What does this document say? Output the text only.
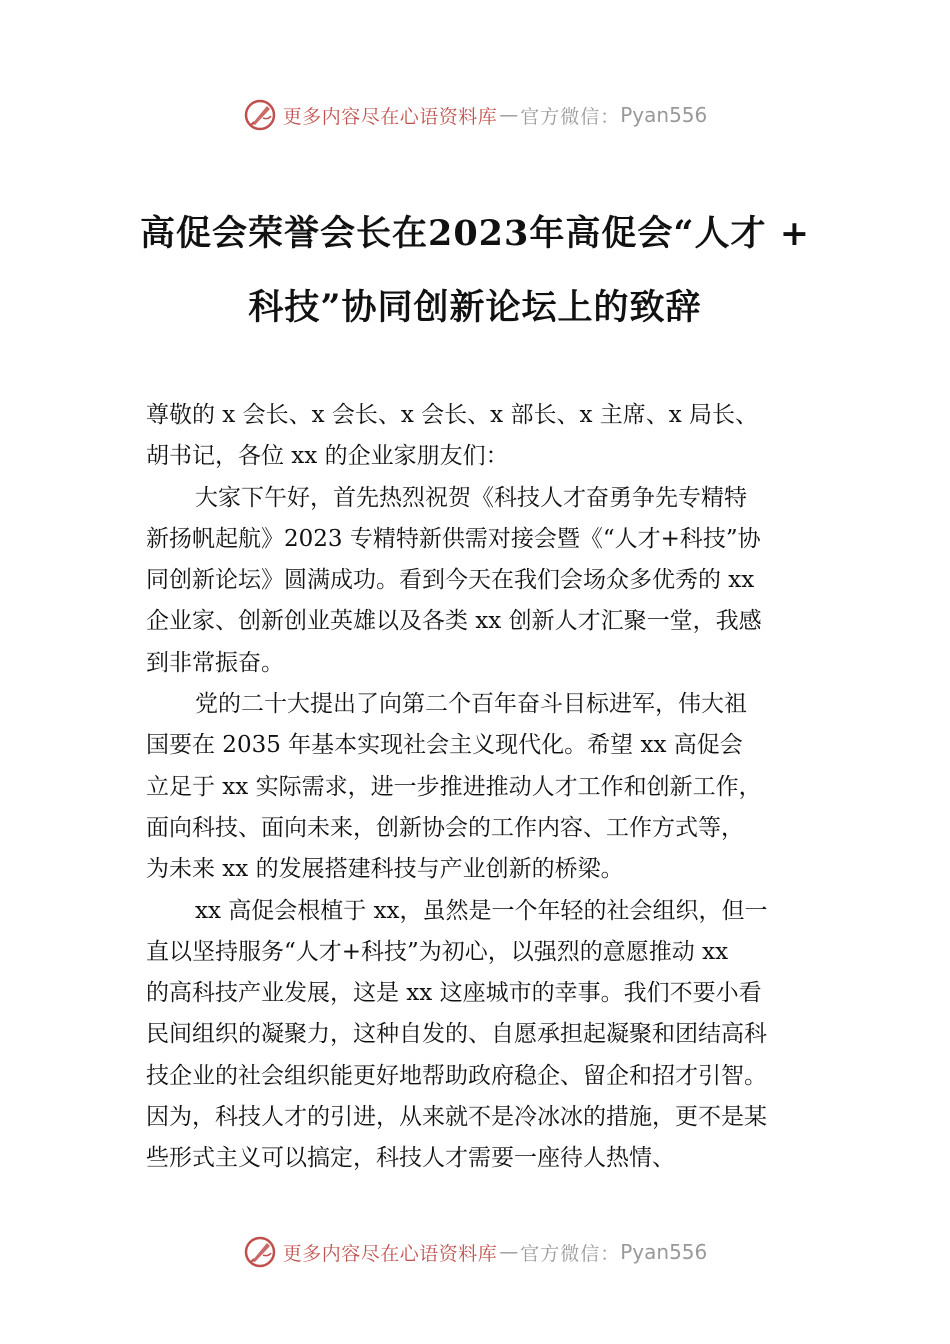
更多内容尽在心语资料库 — 官方微信： Pyan556
高促会荣誉会长在2023年高促会“人才 +
科技”协同创新论坛上的致辞

尊敬的 x 会长、x 会长、x 会长、x 部长、x 主席、x 局长、

胡书记，各位 xx 的企业家朋友们：

大家下午好，首先热烈祝贺《科技人才奋勇争先专精特

新扬帆起航》2023 专精特新供需对接会暨《“人才+科技”协

同创新论坛》圆满成功。看到今天在我们会场众多优秀的 xx

企业家、创新创业英雄以及各类 xx 创新人才汇聚一堂，我感

到非常振奋。

党的二十大提出了向第二个百年奋斗目标进军，伟大祖

国要在 2035 年基本实现社会主义现代化。希望 xx 高促会

立足于 xx 实际需求，进一步推进推动人才工作和创新工作，

面向科技、面向未来，创新协会的工作内容、工作方式等，

为未来 xx 的发展搭建科技与产业创新的桥梁。

xx 高促会根植于 xx，虽然是一个年轻的社会组织，但一

直以坚持服务“人才+科技”为初心，以强烈的意愿推动 xx

的高科技产业发展，这是 xx 这座城市的幸事。我们不要小看

民间组织的凝聚力，这种自发的、自愿承担起凝聚和团结高科

技企业的社会组织能更好地帮助政府稳企、留企和招才引智。

因为，科技人才的引进，从来就不是冷冰冰的措施，更不是某

些形式主义可以搞定，科技人才需要一座待人热情、

更多内容尽在心语资料库 — 官方微信： Pyan556
